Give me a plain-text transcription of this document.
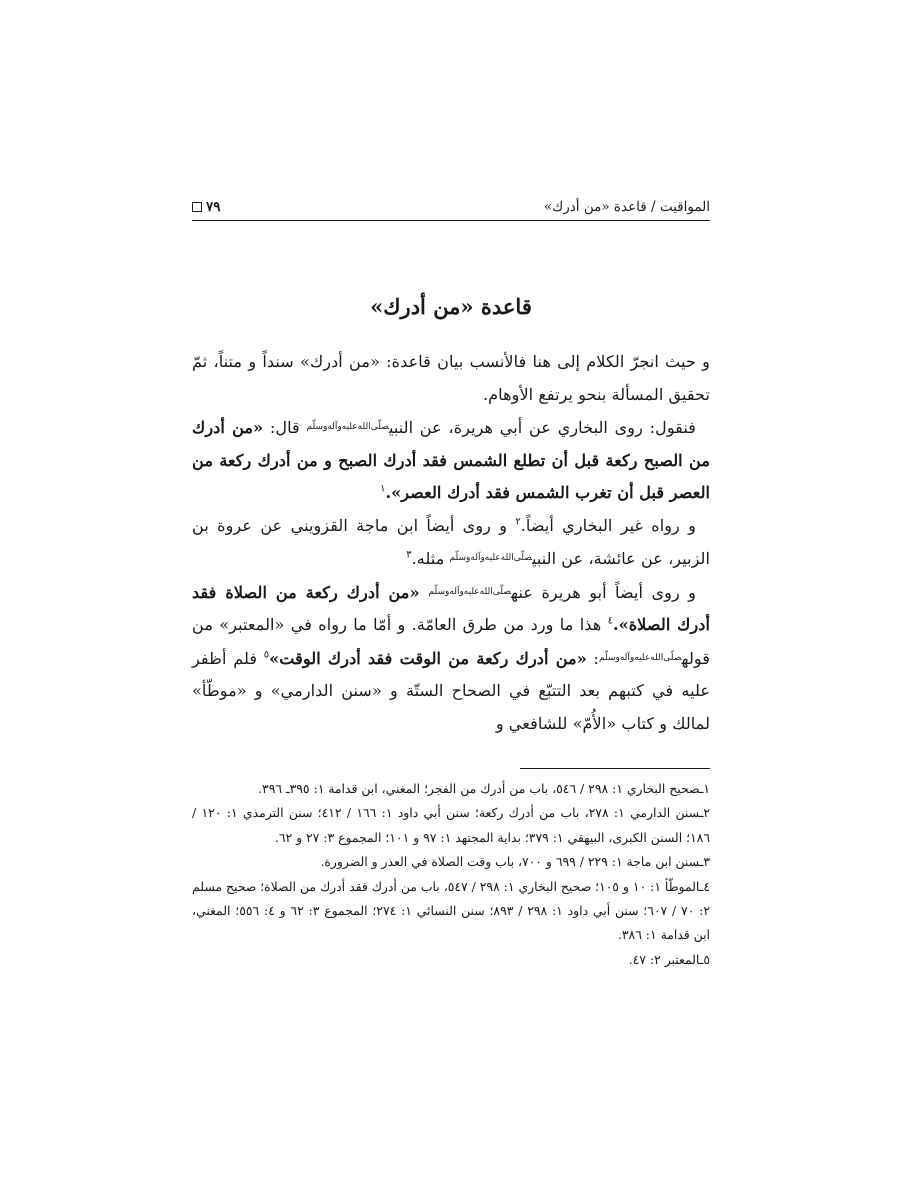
المواقيت / قاعدة «من أدرك»
٧٩
قاعدة «من أدرك»

و حيث انجرّ الكلام إلى هنا فالأنسب بيان قاعدة: «من أدرك» سنداً و متناً، ثمّ تحقيق المسألة بنحو يرتفع الأوهام.

فنقول: روى البخاري عن أبي هريرة، عن النبي$^{صلّى‌الله‌عليه‌وآله‌وسلّم}$ قال: «من أدرك من الصبح ركعة قبل أن تطلع الشمس فقد أدرك الصبح و من أدرك ركعة من العصر قبل أن تغرب الشمس فقد أدرك العصر».$^١$

و رواه غير البخاري أيضاً.$^٢$ و روى أيضاً ابن ماجة القزويني عن عروة بن الزبير، عن عائشة، عن النبي$^{صلّى‌الله‌عليه‌وآله‌وسلّم}$ مثله.$^٣$

و روى أيضاً أبو هريرة عنه$^{صلّى‌الله‌عليه‌وآله‌وسلّم}$ «من أدرك ركعة من الصلاة فقد أدرك الصلاة».$^٤$ هذا ما ورد من طرق العامّة. و أمّا ما رواه في «المعتبر» من قوله$^{صلّى‌الله‌عليه‌وآله‌وسلّم}$: «من أدرك ركعة من الوقت فقد أدرك الوقت»$^٥$ فلم أظفر عليه في كتبهم بعد التتبّع في الصحاح الستّة و «سنن الدارمي» و «موطّأ» لمالك و كتاب «الأُمّ» للشافعي و

١ـصحيح البخاري ١: ٢٩٨ / ٥٤٦، باب من أدرك من الفجر؛ المغني، ابن قدامة ١: ٣٩٥ـ ٣٩٦.

٢ـسنن الدارمي ١: ٢٧٨، باب من أدرك ركعة؛ سنن أبي داود ١: ١٦٦ / ٤١٢؛ سنن الترمذي ١: ١٢٠ / ١٨٦؛ السنن الكبرى، البيهقي ١: ٣٧٩؛ بداية المجتهد ١: ٩٧ و ١٠١؛ المجموع ٣: ٢٧ و ٦٢.

٣ـسنن ابن ماجة ١: ٢٢٩ / ٦٩٩ و ٧٠٠، باب وقت الصلاة في العذر و الضرورة.

٤ـالموطّأ ١: ١٠ و ١٠٥؛ صحيح البخاري ١: ٢٩٨ / ٥٤٧، باب من أدرك فقد أدرك من الصلاة؛ صحيح مسلم ٢: ٧٠ / ٦٠٧؛ سنن أبي داود ١: ٢٩٨ / ٨٩٣؛ سنن النسائي ١: ٢٧٤؛ المجموع ٣: ٦٢ و ٤: ٥٥٦؛ المغني، ابن قدامة ١: ٣٨٦.

٥ـالمعتبر ٢: ٤٧.
